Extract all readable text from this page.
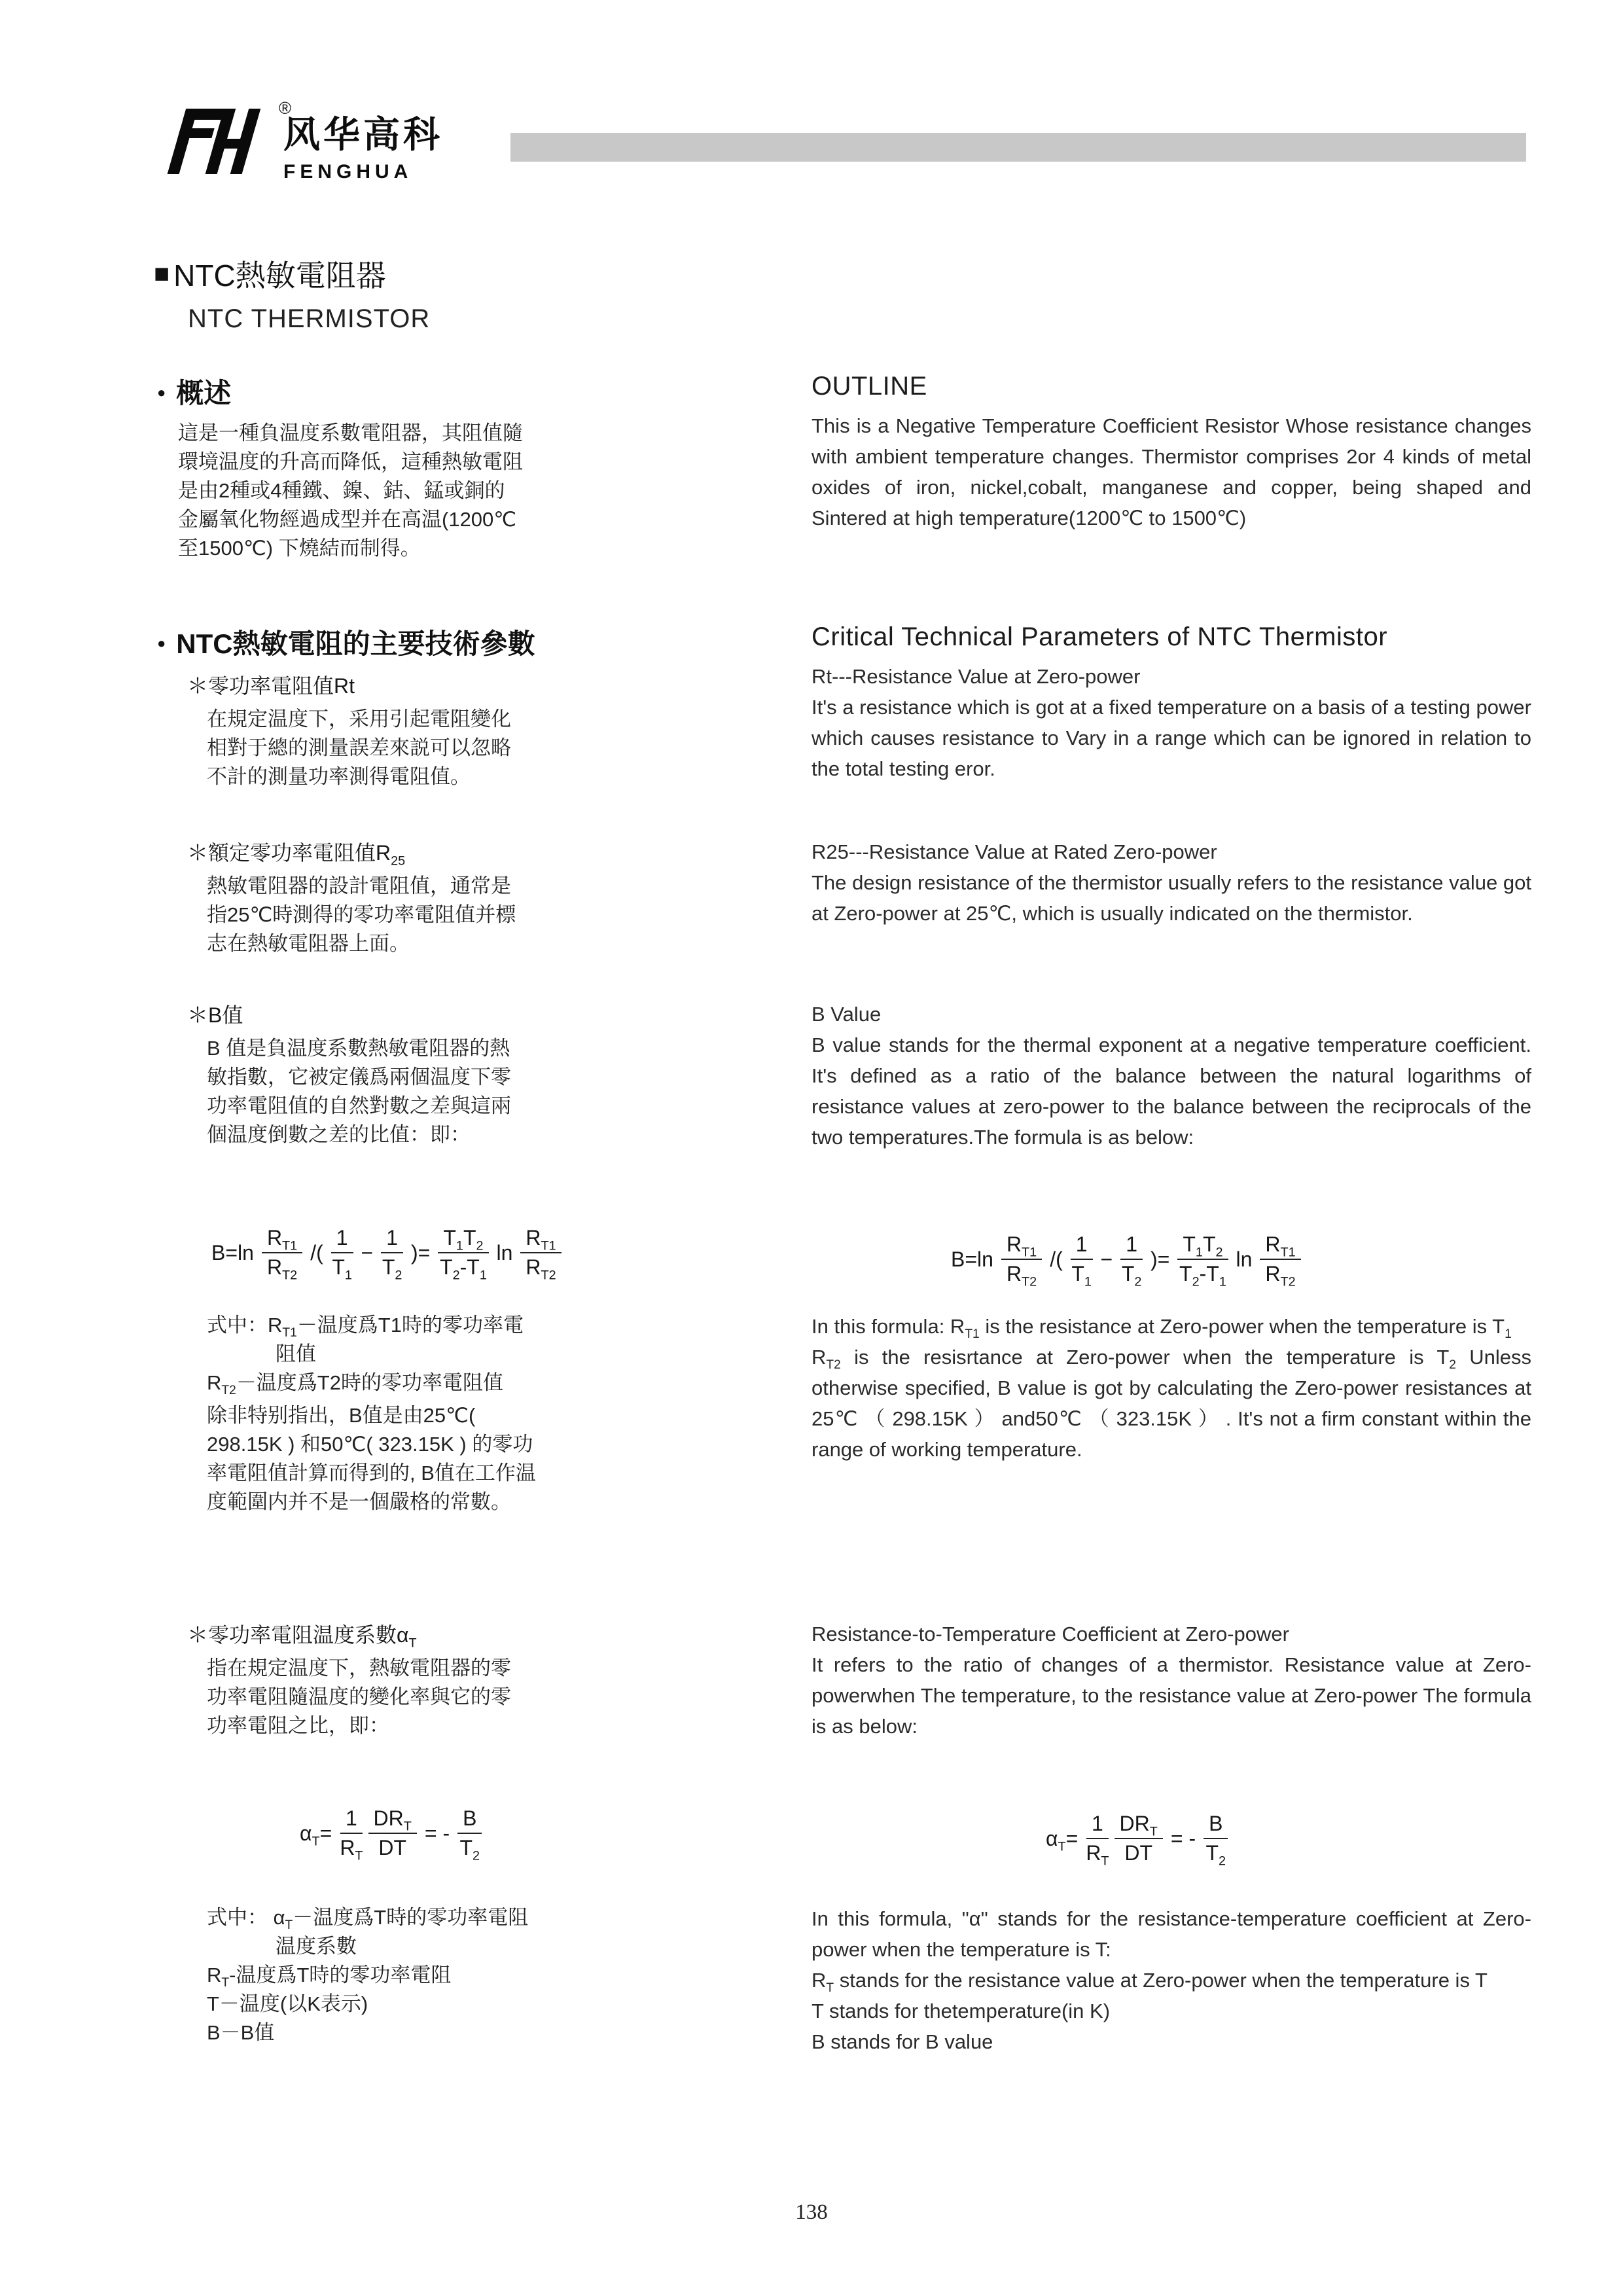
®
风华高科
FENGHUA
■ NTC熱敏電阻器
NTC THERMISTOR
● 概述

這是一種負温度系數電阻器，其阻值隨環境温度的升高而降低，這種熱敏電阻是由2種或4種鐵、鎳、鈷、錳或銅的金屬氧化物經過成型并在高温(1200℃至1500℃) 下燒結而制得。

OUTLINE

This is a Negative Temperature Coefficient Resistor Whose resistance changes with ambient temperature changes. Thermistor comprises 2or 4 kinds of metal oxides of iron, nickel,cobalt, manganese and copper, being shaped and Sintered at high temperature(1200℃ to 1500℃)

● NTC熱敏電阻的主要技術參數
＊零功率電阻值Rt

在規定温度下，采用引起電阻變化相對于總的測量誤差來説可以忽略不計的測量功率測得電阻值。

Critical Technical Parameters of NTC Thermistor
Rt---Resistance Value at Zero-power

It's a resistance which is got at a fixed temperature on a basis of a testing power which causes resistance to Vary in a range which can be ignored in relation to the total testing eror.

＊額定零功率電阻值$R_{25}$

熱敏電阻器的設計電阻值，通常是指25℃時測得的零功率電阻值并標志在熱敏電阻器上面。

R25---Resistance Value at Rated Zero-power

The design resistance of the thermistor usually refers to the resistance value got at Zero-power at 25℃, which is usually indicated on the thermistor.

＊B值

B 值是負温度系數熱敏電阻器的熱敏指數，它被定儀爲兩個温度下零功率電阻值的自然對數之差與這兩個温度倒數之差的比值：即：

B Value

B value stands for the thermal exponent at a negative temperature coefficient. It's defined as a ratio of the balance between the natural logarithms of resistance values at zero-power to the balance between the reciprocals of the two temperatures.The formula is as below:

$B=\ln \frac{R_{T1}}{R_{T2}}$ /( $\frac{1}{T_1} - \frac{1}{T_2}$ )= $\frac{T_1T_2}{T_2-T_1}$ $\ln \frac{R_{T1}}{R_{T2}}$	$B=\ln \frac{R_{T1}}{R_{T2}}$ /( $\frac{1}{T_1} - \frac{1}{T_2}$ )= $\frac{T_1T_2}{T_2-T_1}$ $\ln \frac{R_{T1}}{R_{T2}}$

式中：$R_{T1}-$温度爲T1時的零功率電阻值

$R_{T2}-$温度爲T2時的零功率電阻值

除非特别指出，B值是由25℃( 298.15K ) 和50℃( 323.15K ) 的零功率電阻值計算而得到的, B值在工作温度範圍内并不是一個嚴格的常數。

In this formula: $R_{T1}$ is the resistance at Zero-power when the temperature is $T_1$

$R_{T2}$ is the resisrtance at Zero-power when the temperature is $T_2$ Unless otherwise specified, B value is got by calculating the Zero-power resistances at 25℃ （ 298.15K ） and50℃ （ 323.15K ） . It's not a firm constant within the range of working temperature.

＊零功率電阻温度系數$\alpha_T$

指在規定温度下，熱敏電阻器的零功率電阻隨温度的變化率與它的零功率電阻之比，即：

Resistance-to-Temperature Coefficient at Zero-power

It refers to the ratio of changes of a thermistor. Resistance value at Zero-powerwhen The temperature, to the resistance value at Zero-power The formula is as below:

$\alpha_T= \frac{1}{R_T} \frac{DR_T}{DT}$ = - $\frac{B}{T_2}$	$\alpha_T= \frac{1}{R_T} \frac{DR_T}{DT}$ = - $\frac{B}{T_2}$

式中： $\alpha_T-$温度爲T時的零功率電阻温度系數

$R_T-$温度爲T時的零功率電阻

T－温度(以K表示)

B－B值

In this formula, "α" stands for the resistance-temperature coefficient at Zero-power when the temperature is T:

$R_T$ stands for the resistance value at Zero-power when the temperature is T

T stands for thetemperature(in K)

B stands for B value

138
